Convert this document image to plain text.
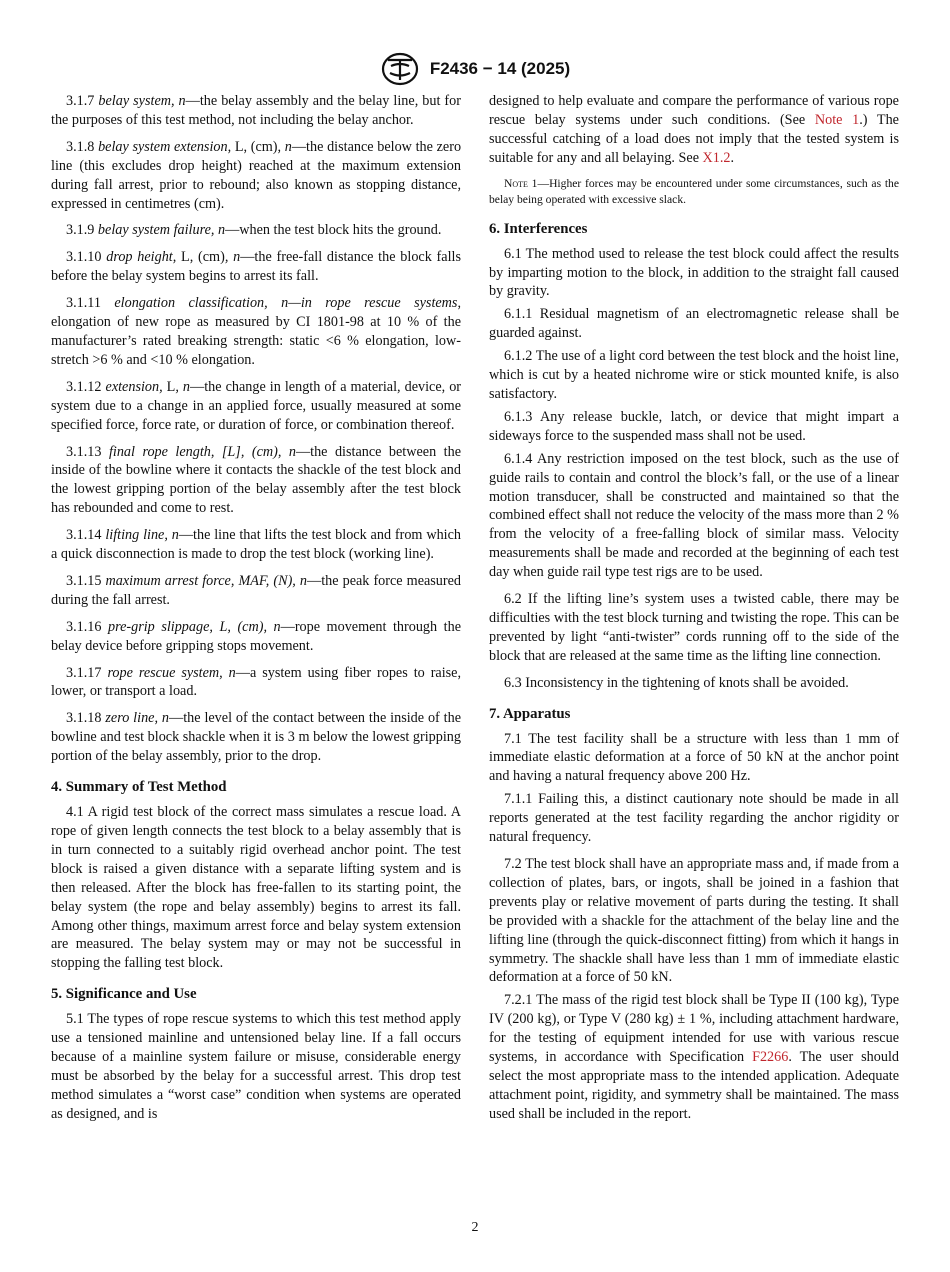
F2436 − 14 (2025)

3.1.7 belay system, n—the belay assembly and the belay line, but for the purposes of this test method, not including the belay anchor.

3.1.8 belay system extension, L, (cm), n—the distance below the zero line (this excludes drop height) reached at the maximum extension during fall arrest, prior to rebound; also known as stopping distance, expressed in centimetres (cm).

3.1.9 belay system failure, n—when the test block hits the ground.

3.1.10 drop height, L, (cm), n—the free-fall distance the block falls before the belay system begins to arrest its fall.

3.1.11 elongation classification, n—in rope rescue systems, elongation of new rope as measured by CI 1801-98 at 10 % of the manufacturer’s rated breaking strength: static <6 % elongation, low-stretch >6 % and <10 % elongation.

3.1.12 extension, L, n—the change in length of a material, device, or system due to a change in an applied force, usually measured at some specified force, force rate, or duration of force, or combination thereof.

3.1.13 final rope length, [L], (cm), n—the distance between the inside of the bowline where it contacts the shackle of the test block and the lowest gripping portion of the belay assembly after the test block has rebounded and come to rest.

3.1.14 lifting line, n—the line that lifts the test block and from which a quick disconnection is made to drop the test block (working line).

3.1.15 maximum arrest force, MAF, (N), n—the peak force measured during the fall arrest.

3.1.16 pre-grip slippage, L, (cm), n—rope movement through the belay device before gripping stops movement.

3.1.17 rope rescue system, n—a system using fiber ropes to raise, lower, or transport a load.

3.1.18 zero line, n—the level of the contact between the inside of the bowline and test block shackle when it is 3 m below the lowest gripping portion of the belay assembly, prior to the drop.

4. Summary of Test Method

4.1 A rigid test block of the correct mass simulates a rescue load. A rope of given length connects the test block to a belay assembly that is in turn connected to a suitably rigid overhead anchor point. The test block is raised a given distance with a separate lifting system and is then released. After the block has free-fallen to its starting point, the belay system (the rope and belay assembly) begins to arrest its fall. Among other things, maximum arrest force and belay system extension are measured. The belay system may or may not be successful in stopping the falling test block.

5. Significance and Use

5.1 The types of rope rescue systems to which this test method apply use a tensioned mainline and untensioned belay line. If a fall occurs because of a mainline system failure or misuse, considerable energy must be absorbed by the belay for a successful arrest. This drop test method simulates a “worst case” condition when systems are operated as designed, and is

designed to help evaluate and compare the performance of various rope rescue belay systems under such conditions. (See Note 1.) The successful catching of a load does not imply that the tested system is suitable for any and all belaying. See X1.2.

Note 1—Higher forces may be encountered under some circumstances, such as the belay being operated with excessive slack.

6. Interferences

6.1 The method used to release the test block could affect the results by imparting motion to the block, in addition to the straight fall caused by gravity.

6.1.1 Residual magnetism of an electromagnetic release shall be guarded against.

6.1.2 The use of a light cord between the test block and the hoist line, which is cut by a heated nichrome wire or stick mounted knife, is also satisfactory.

6.1.3 Any release buckle, latch, or device that might impart a sideways force to the suspended mass shall not be used.

6.1.4 Any restriction imposed on the test block, such as the use of guide rails to contain and control the block’s fall, or the use of a linear motion transducer, shall be constructed and maintained so that the combined effect shall not reduce the velocity of the mass more than 2 % from the velocity of a free-falling block of similar mass. Velocity measurements shall be made and recorded at the beginning of each test day when guide rail type test rigs are to be used.

6.2 If the lifting line’s system uses a twisted cable, there may be difficulties with the test block turning and twisting the rope. This can be prevented by light “anti-twister” cords running off to the side of the block that are released at the same time as the lifting line connection.

6.3 Inconsistency in the tightening of knots shall be avoided.

7. Apparatus

7.1 The test facility shall be a structure with less than 1 mm of immediate elastic deformation at a force of 50 kN at the anchor point and having a natural frequency above 200 Hz.

7.1.1 Failing this, a distinct cautionary note should be made in all reports generated at the test facility regarding the anchor rigidity or natural frequency.

7.2 The test block shall have an appropriate mass and, if made from a collection of plates, bars, or ingots, shall be joined in a fashion that prevents play or relative movement of parts during the testing. It shall be provided with a shackle for the attachment of the belay line and the lifting line (through the quick-disconnect fitting) from which it hangs in symmetry. The shackle shall have less than 1 mm of immediate elastic deformation at a force of 50 kN.

7.2.1 The mass of the rigid test block shall be Type II (100 kg), Type IV (200 kg), or Type V (280 kg) ± 1 %, including attachment hardware, for the testing of equipment intended for use with various rescue systems, in accordance with Specification F2266. The user should select the most appropriate mass to the intended application. Adequate attachment point, rigidity, and symmetry shall be maintained. The mass used shall be included in the report.

2
